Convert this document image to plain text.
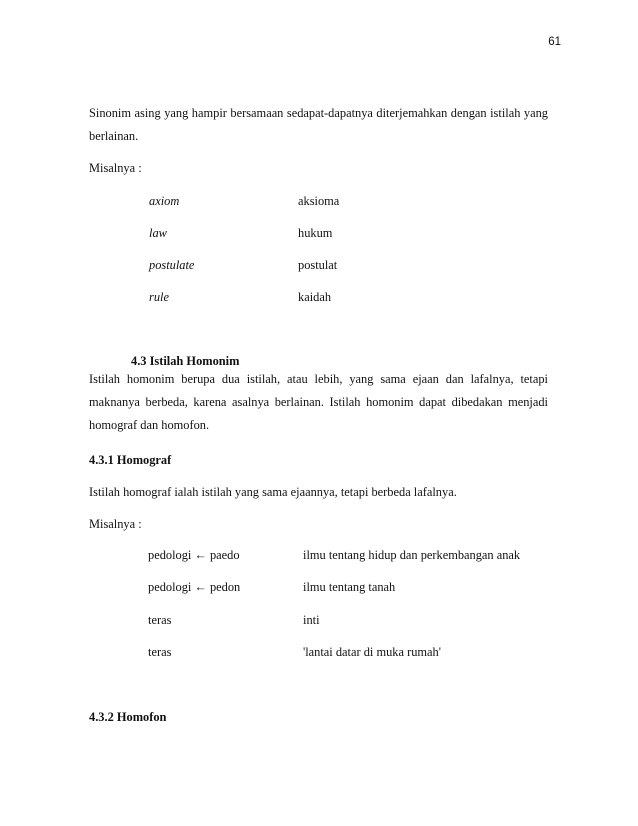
61

Sinonim asing yang hampir bersamaan sedapat-dapatnya diterjemahkan dengan istilah yang berlainan.

Misalnya :

axiom	aksioma

law	hukum

postulate	postulat

rule	kaidah

4.3 Istilah Homonim

Istilah homonim berupa dua istilah, atau lebih, yang sama ejaan dan lafalnya, tetapi maknanya berbeda, karena asalnya berlainan. Istilah homonim dapat dibedakan menjadi homograf dan homofon.

4.3.1 Homograf

Istilah homograf ialah istilah yang sama ejaannya, tetapi berbeda lafalnya.

Misalnya :

pedologi ← paedo	ilmu tentang hidup dan perkembangan anak

pedologi ← pedon	ilmu tentang tanah

teras	inti

teras	'lantai datar di muka rumah'

4.3.2 Homofon
